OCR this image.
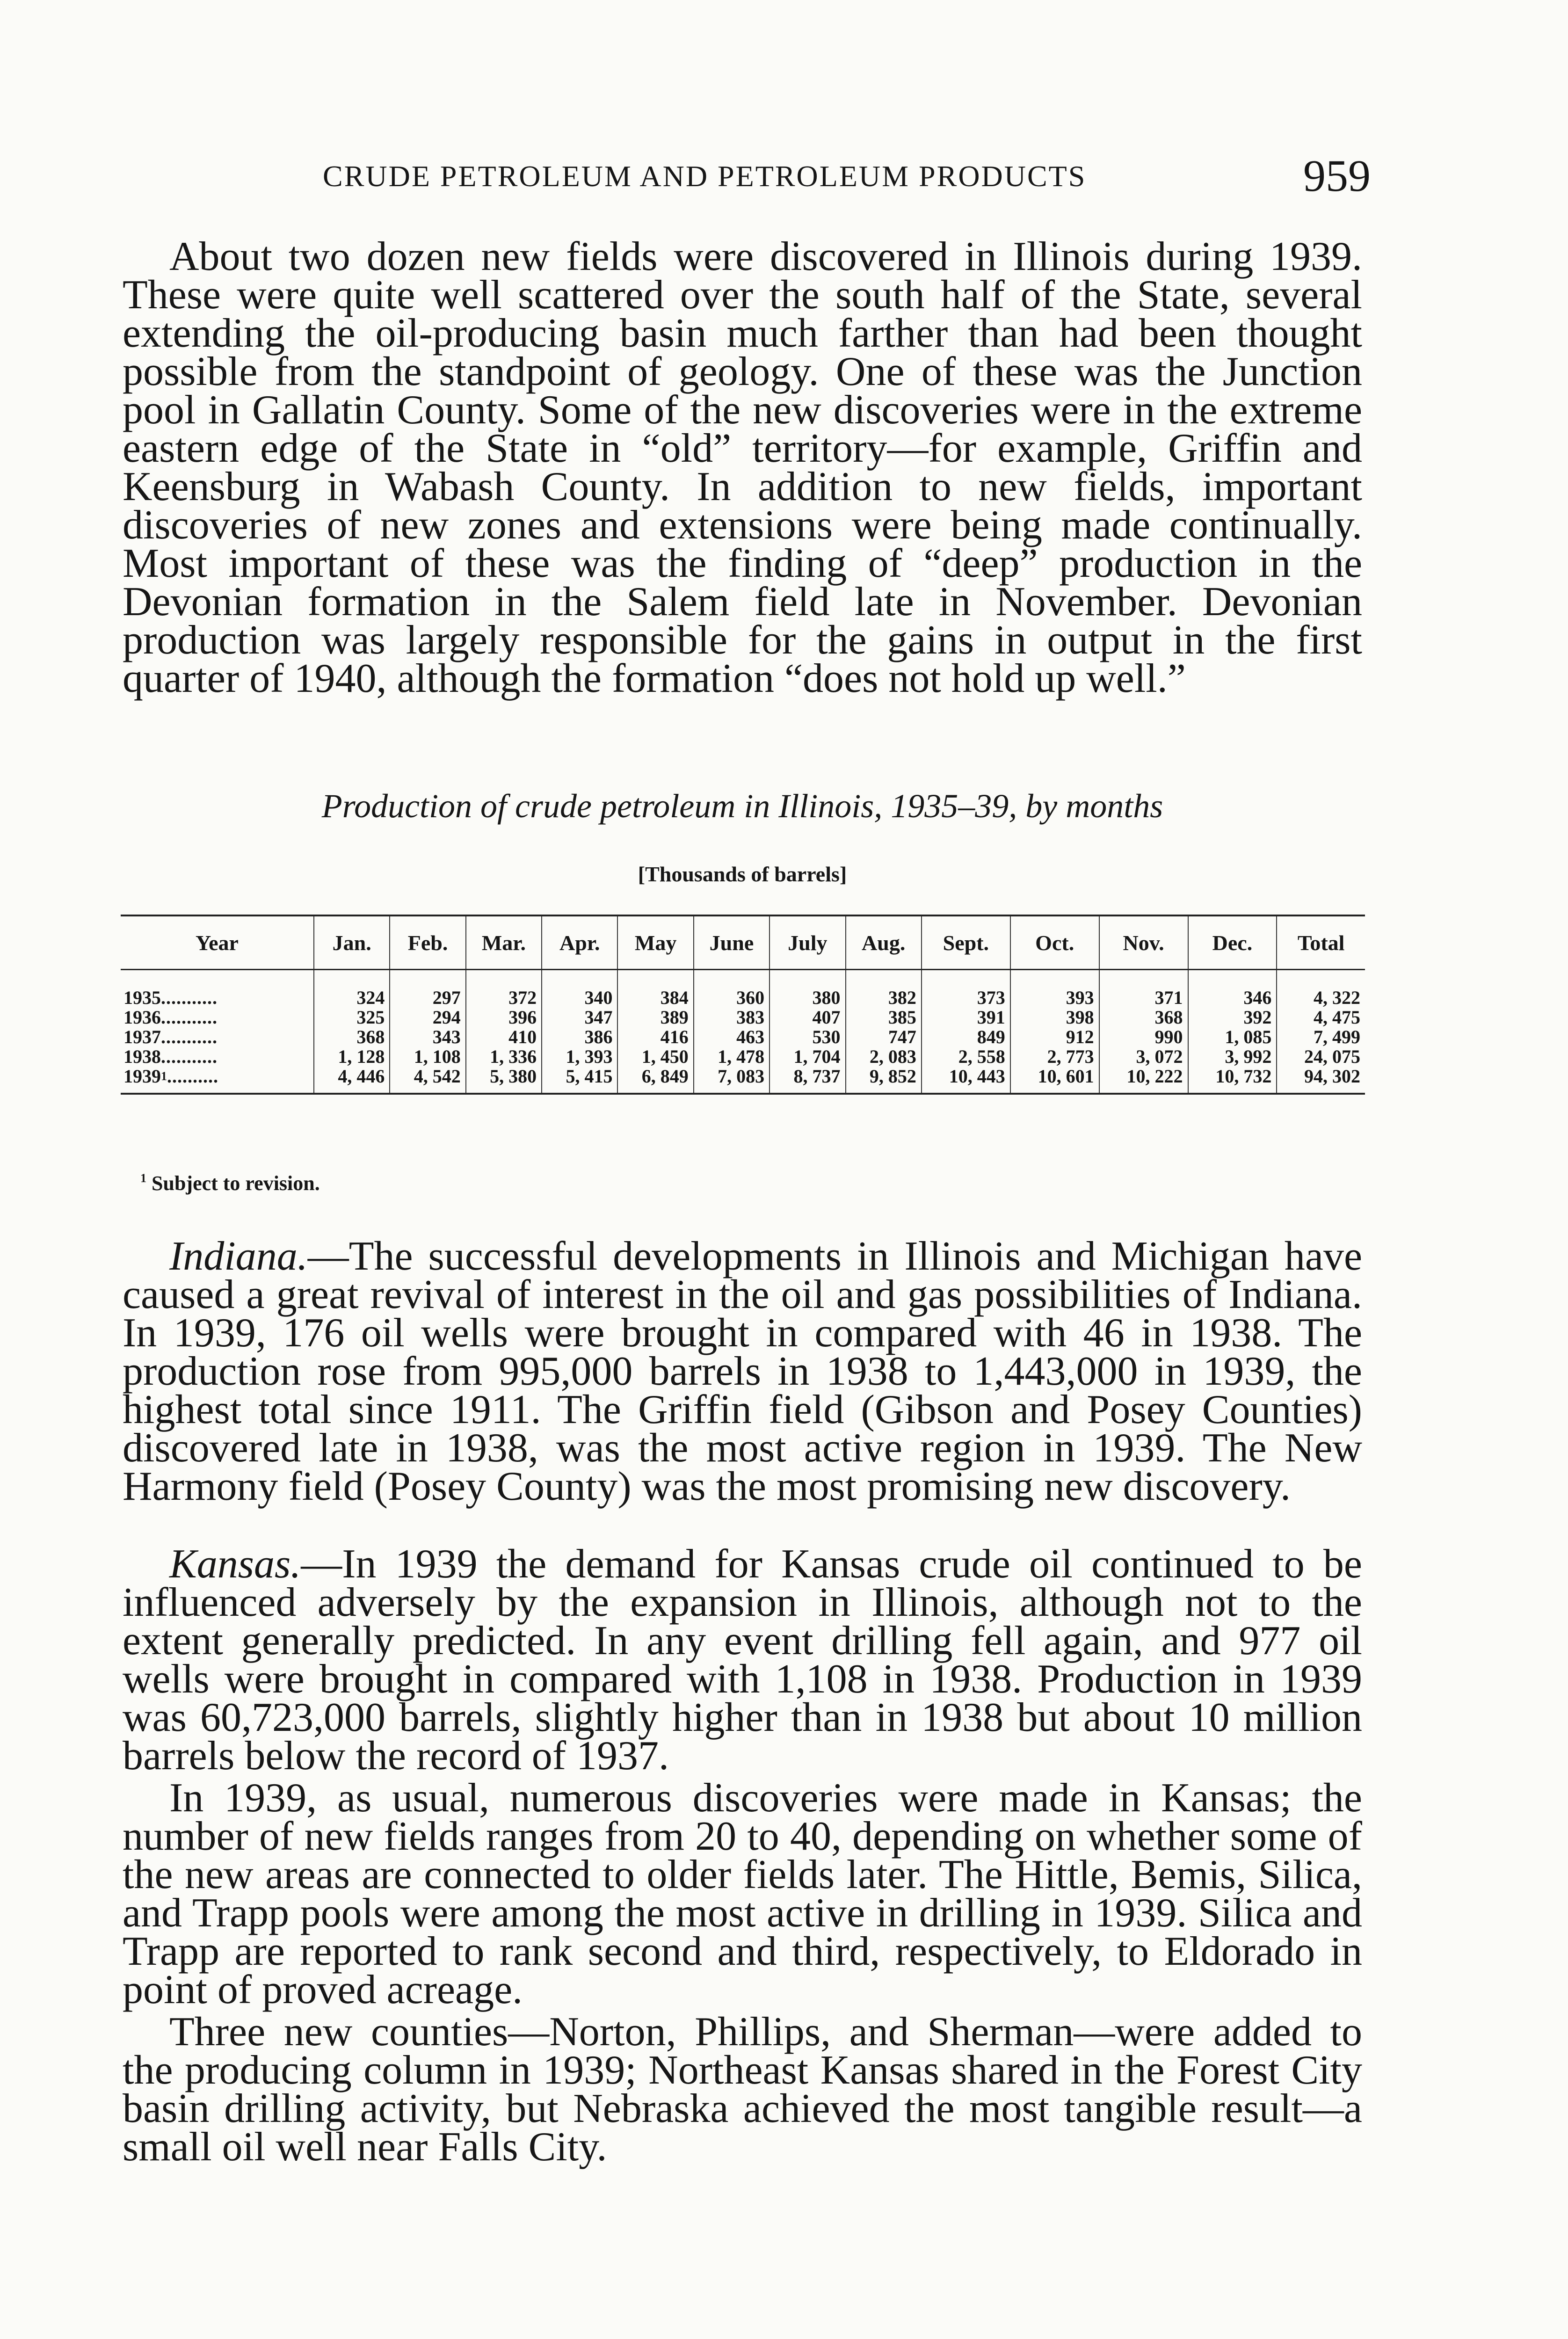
CRUDE PETROLEUM AND PETROLEUM PRODUCTS	959

About two dozen new fields were discovered in Illinois during 1939. These were quite well scattered over the south half of the State, several extending the oil-producing basin much farther than had been thought possible from the standpoint of geology. One of these was the Junction pool in Gallatin County. Some of the new discoveries were in the extreme eastern edge of the State in “old” territory—for example, Griffin and Keensburg in Wabash County. In addition to new fields, important discoveries of new zones and extensions were being made continually. Most important of these was the finding of “deep” production in the Devonian formation in the Salem field late in November. Devonian production was largely responsible for the gains in output in the first quarter of 1940, although the formation “does not hold up well.”

Production of crude petroleum in Illinois, 1935–39, by months
[Thousands of barrels]
Year	Jan.	Feb.	Mar.	Apr.	May	June	July	Aug.	Sept.	Oct.	Nov.	Dec.	Total
1935...........	324	297	372	340	384	360	380	382	373	393	371	346	4, 322
1936...........	325	294	396	347	389	383	407	385	391	398	368	392	4, 475
1937...........	368	343	410	386	416	463	530	747	849	912	990	1, 085	7, 499
1938...........	1, 128	1, 108	1, 336	1, 393	1, 450	1, 478	1, 704	2, 083	2, 558	2, 773	3, 072	3, 992	24, 075
1939$^1$..........	4, 446	4, 542	5, 380	5, 415	6, 849	7, 083	8, 737	9, 852	10, 443	10, 601	10, 222	10, 732	94, 302
$^1$ Subject to revision.

Indiana.—The successful developments in Illinois and Michigan have caused a great revival of interest in the oil and gas possibilities of Indiana. In 1939, 176 oil wells were brought in compared with 46 in 1938. The production rose from 995,000 barrels in 1938 to 1,443,000 in 1939, the highest total since 1911. The Griffin field (Gibson and Posey Counties) discovered late in 1938, was the most active region in 1939. The New Harmony field (Posey County) was the most promising new discovery.

Kansas.—In 1939 the demand for Kansas crude oil continued to be influenced adversely by the expansion in Illinois, although not to the extent generally predicted. In any event drilling fell again, and 977 oil wells were brought in compared with 1,108 in 1938. Production in 1939 was 60,723,000 barrels, slightly higher than in 1938 but about 10 million barrels below the record of 1937.

In 1939, as usual, numerous discoveries were made in Kansas; the number of new fields ranges from 20 to 40, depending on whether some of the new areas are connected to older fields later. The Hittle, Bemis, Silica, and Trapp pools were among the most active in drilling in 1939. Silica and Trapp are reported to rank second and third, respectively, to Eldorado in point of proved acreage.

Three new counties—Norton, Phillips, and Sherman—were added to the producing column in 1939; Northeast Kansas shared in the Forest City basin drilling activity, but Nebraska achieved the most tangible result—a small oil well near Falls City.
